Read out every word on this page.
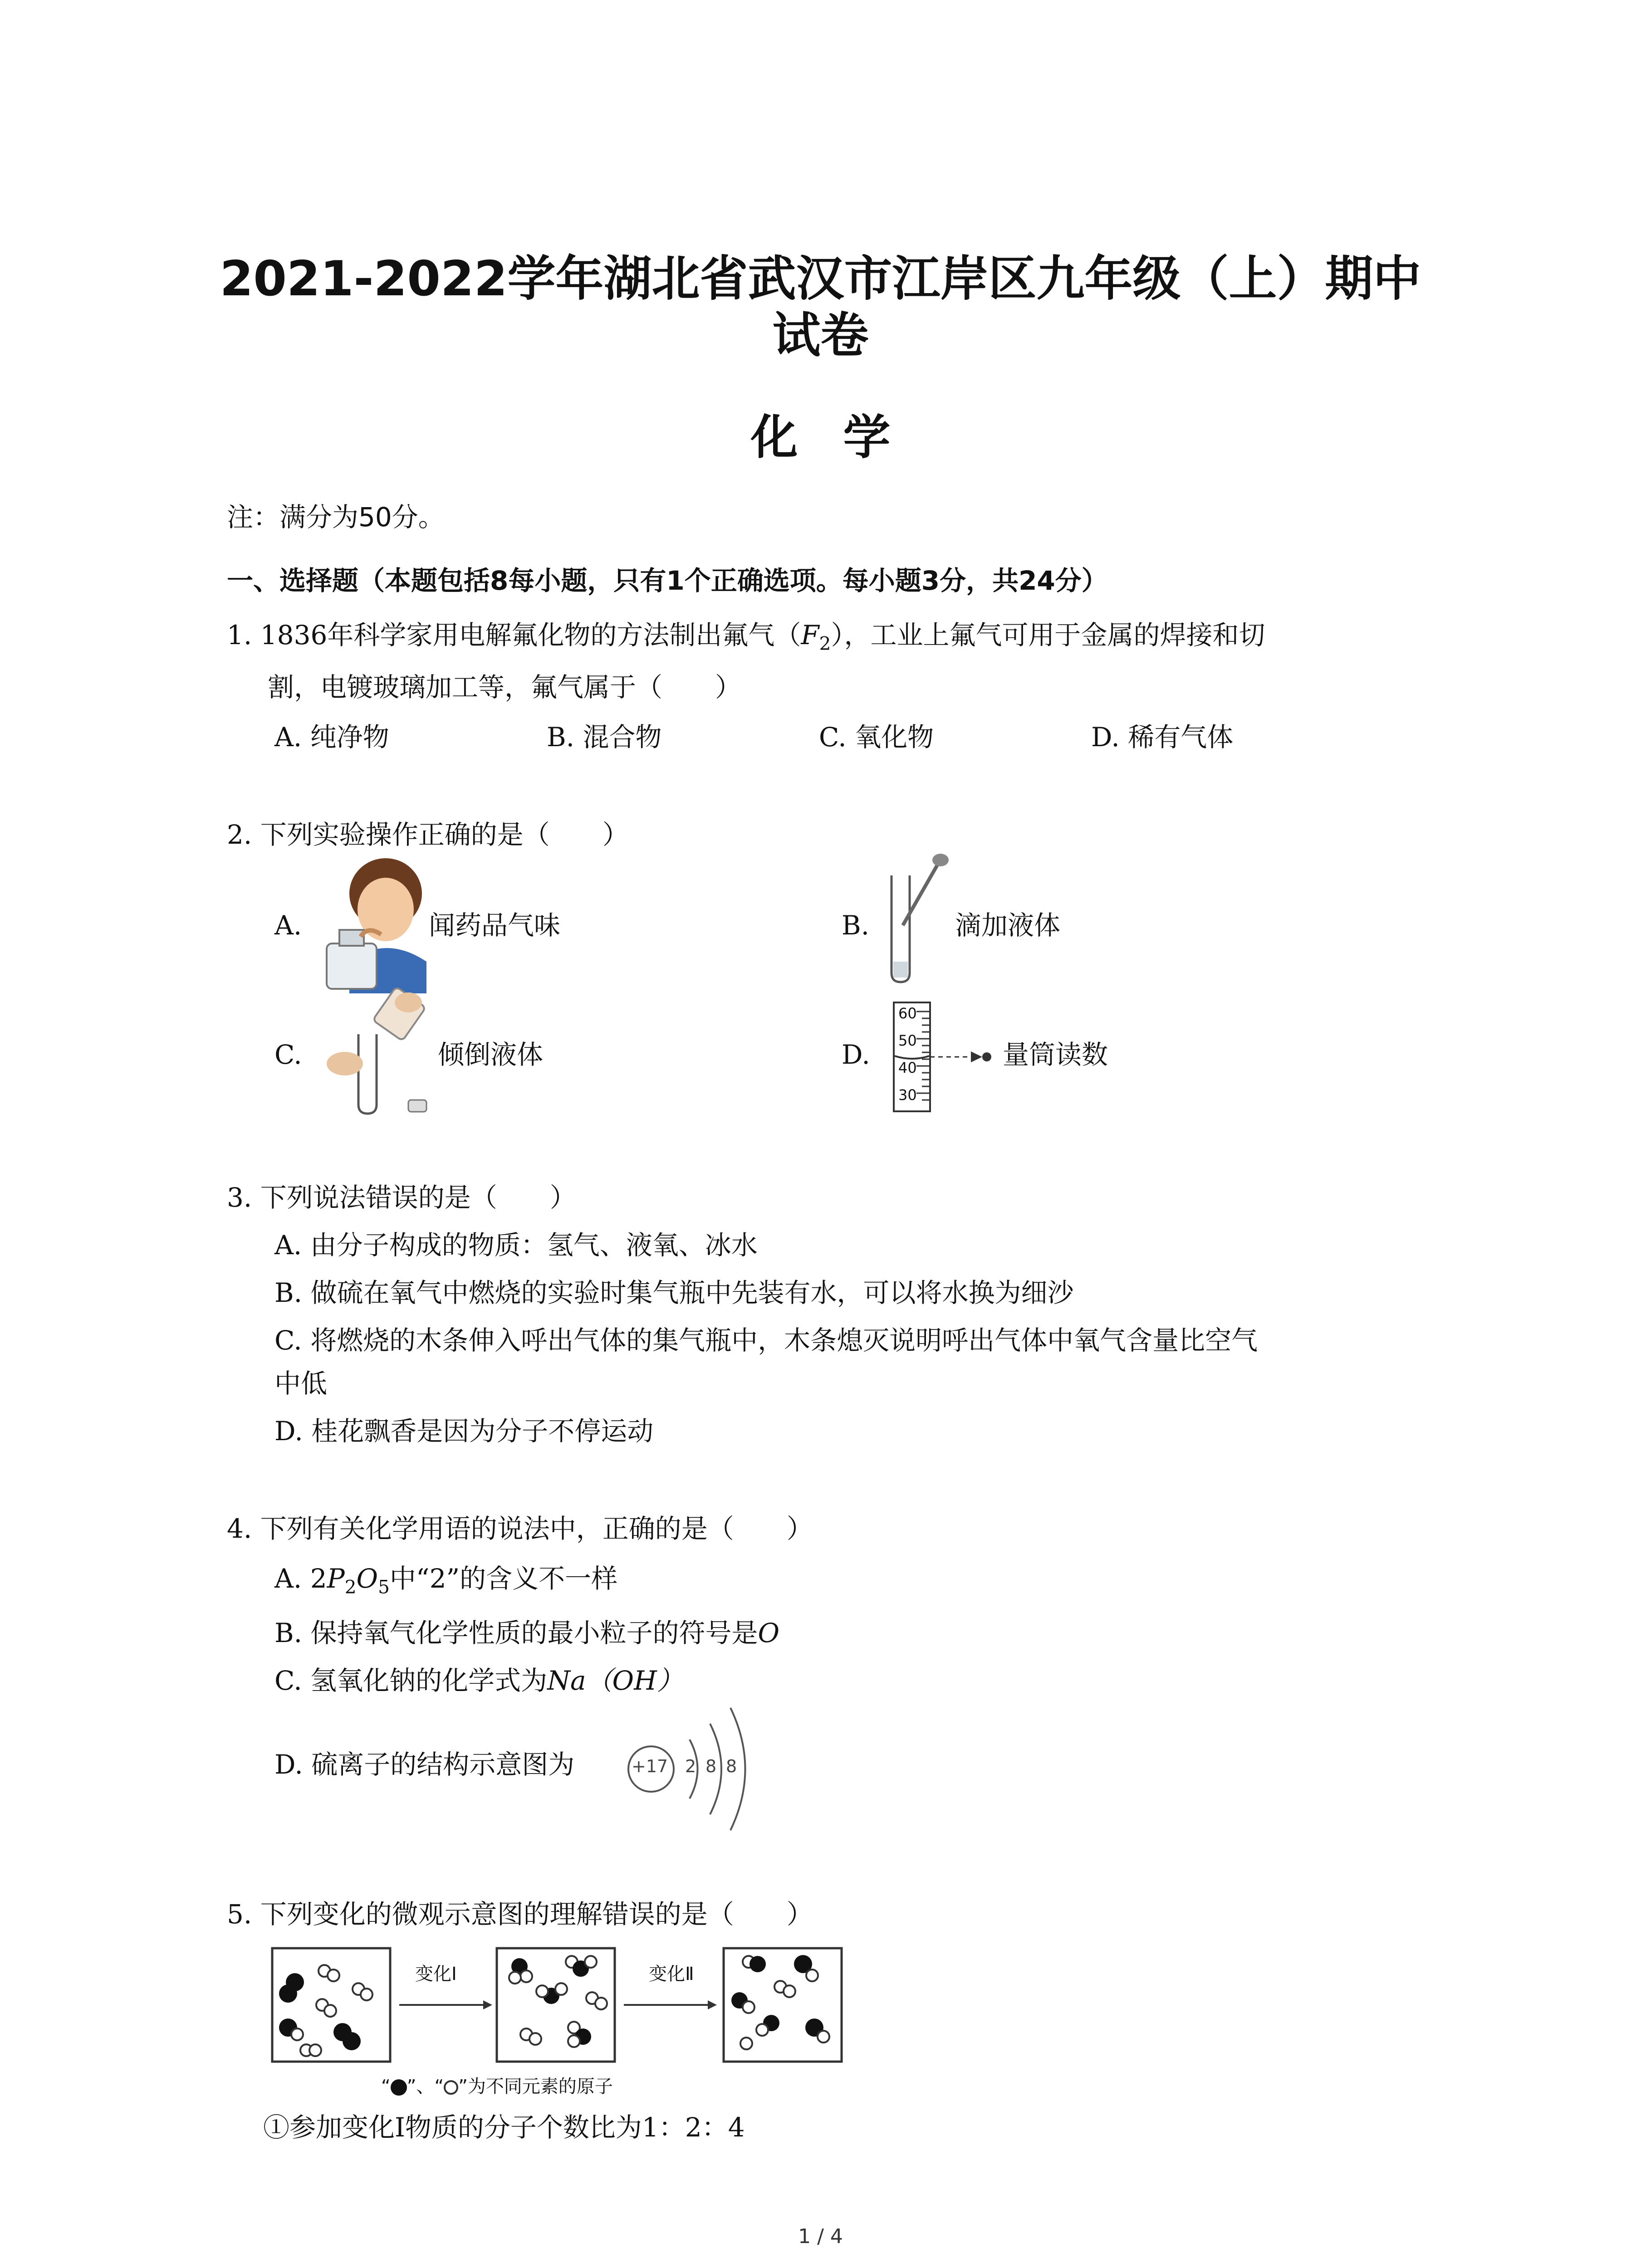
2021-2022学年湖北省武汉市江岸区九年级（上）期中
试卷
化学
注：满分为50分。
一、选择题（本题包括8每小题，只有1个正确选项。每小题3分，共24分）
1. 1836年科学家用电解氟化物的方法制出氟气$(F_2)$，工业上氟气可用于金属的焊接和切
割，电镀玻璃加工等，氟气属于（　　）
A. 纯净物	B. 混合物	C. 氧化物	D. 稀有气体
2. 下列实验操作正确的是（　　）
A.	闻药品气味	B.	滴加液体
C.	倾倒液体	D.
60
50
40
30
量筒读数
3. 下列说法错误的是（　　）
A. 由分子构成的物质：氢气、液氧、冰水
B. 做硫在氧气中燃烧的实验时集气瓶中先装有水，可以将水换为细沙
C. 将燃烧的木条伸入呼出气体的集气瓶中，木条熄灭说明呼出气体中氧气含量比空气
中低
D. 桂花飘香是因为分子不停运动
4. 下列有关化学用语的说法中，正确的是（　　）
A. $2P_2O_5$中“2”的含义不一样
B. 保持氧气化学性质的最小粒子的符号是O
C. 氢氧化钠的化学式为Na（OH）
D. 硫离子的结构示意图为	+17 2 8 8
5. 下列变化的微观示意图的理解错误的是（　　）
变化Ⅰ	变化Ⅱ
“ ”、“ ”为不同元素的原子
①参加变化Ⅰ物质的分子个数比为1：2：4
1 / 4
